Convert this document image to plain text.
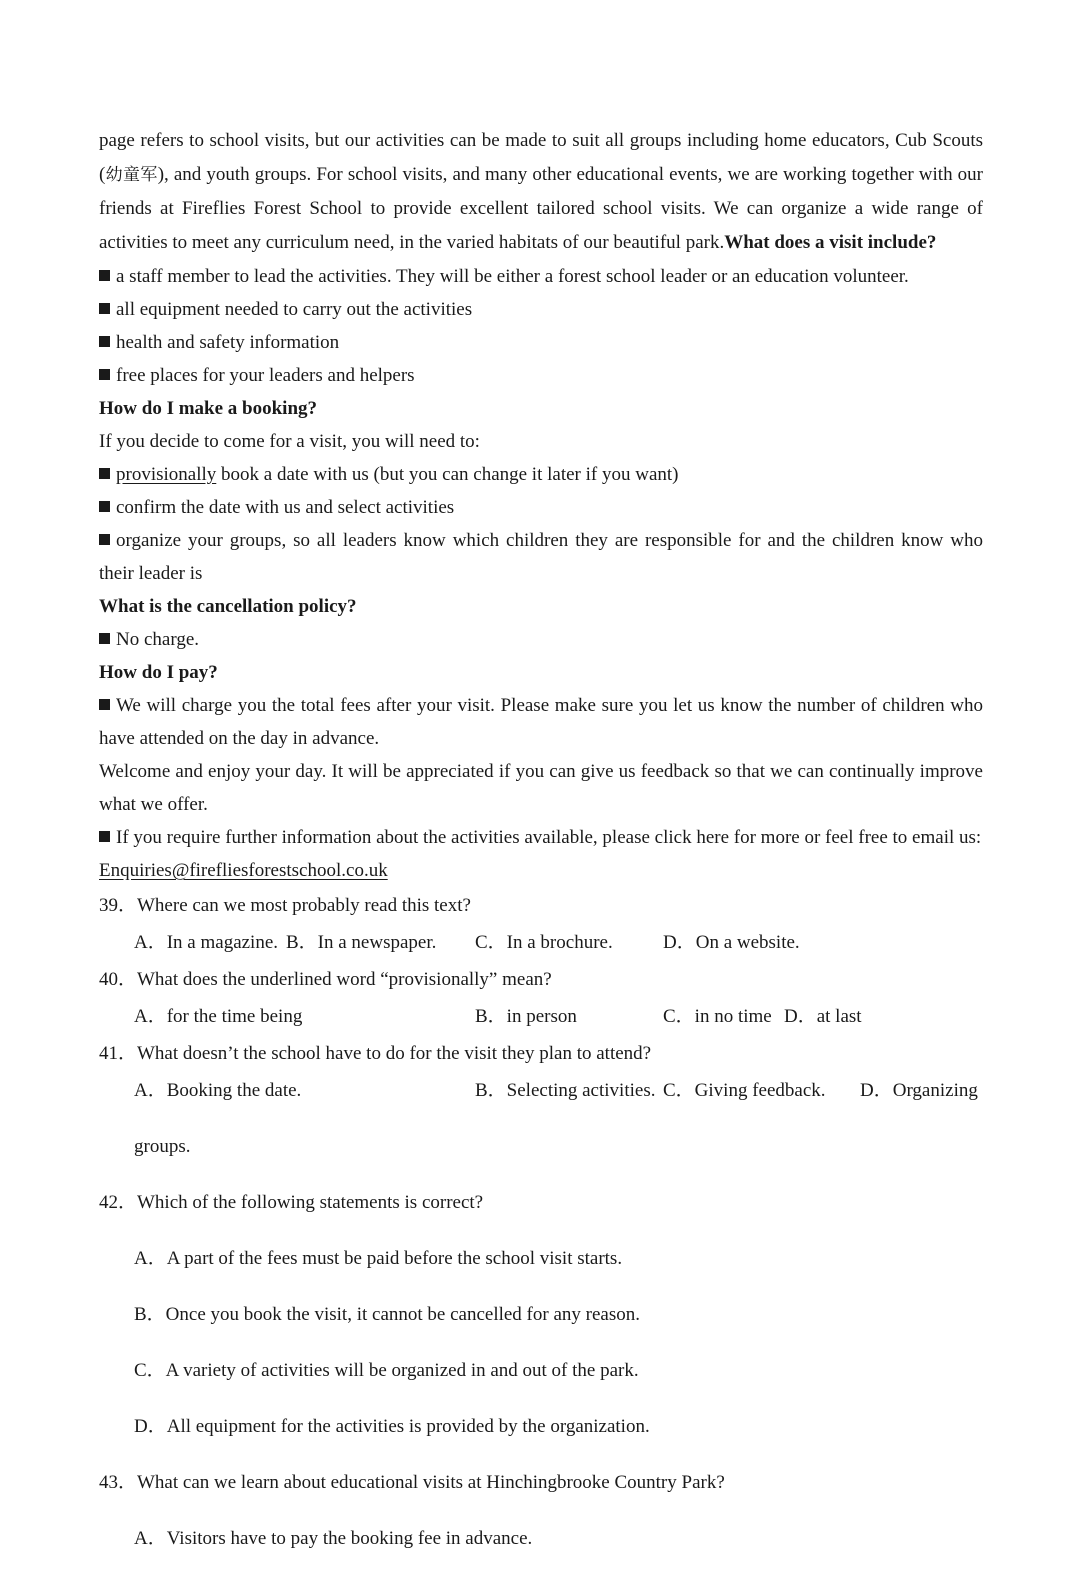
page refers to school visits, but our activities can be made to suit all groups including home educators, Cub Scouts (幼童军), and youth groups. For school visits, and many other educational events, we are working together with our friends at Fireflies Forest School to provide excellent tailored school visits. We can organize a wide range of activities to meet any curriculum need, in the varied habitats of our beautiful park.What does a visit include?

a staff member to lead the activities. They will be either a forest school leader or an education volunteer.

all equipment needed to carry out the activities

health and safety information

free places for your leaders and helpers

How do I make a booking?

If you decide to come for a visit, you will need to:

provisionally book a date with us (but you can change it later if you want)

confirm the date with us and select activities

organize your groups, so all leaders know which children they are responsible for and the children know who their leader is

What is the cancellation policy?

No charge.

How do I pay?

We will charge you the total fees after your visit. Please make sure you let us know the number of children who have attended on the day in advance.

Welcome and enjoy your day. It will be appreciated if you can give us feedback so that we can continually improve what we offer.

If you require further information about the activities available, please click here for more or feel free to email us:

Enquiries@firefliesforestschool.co.uk

39．Where can we most probably read this text?

A．In a magazine. B．In a newspaper. C．In a brochure.	D．On a website.

40．What does the underlined word “provisionally” mean?

A．for the time being	B．in person	C．in no time D．at last

41．What doesn’t the school have to do for the visit they plan to attend?

A．Booking the date.	B．Selecting activities. C．Giving feedback. D．Organizing

groups.

42．Which of the following statements is correct?

A．A part of the fees must be paid before the school visit starts.

B．Once you book the visit, it cannot be cancelled for any reason.

C．A variety of activities will be organized in and out of the park.

D．All equipment for the activities is provided by the organization.

43．What can we learn about educational visits at Hinchingbrooke Country Park?

A．Visitors have to pay the booking fee in advance.
